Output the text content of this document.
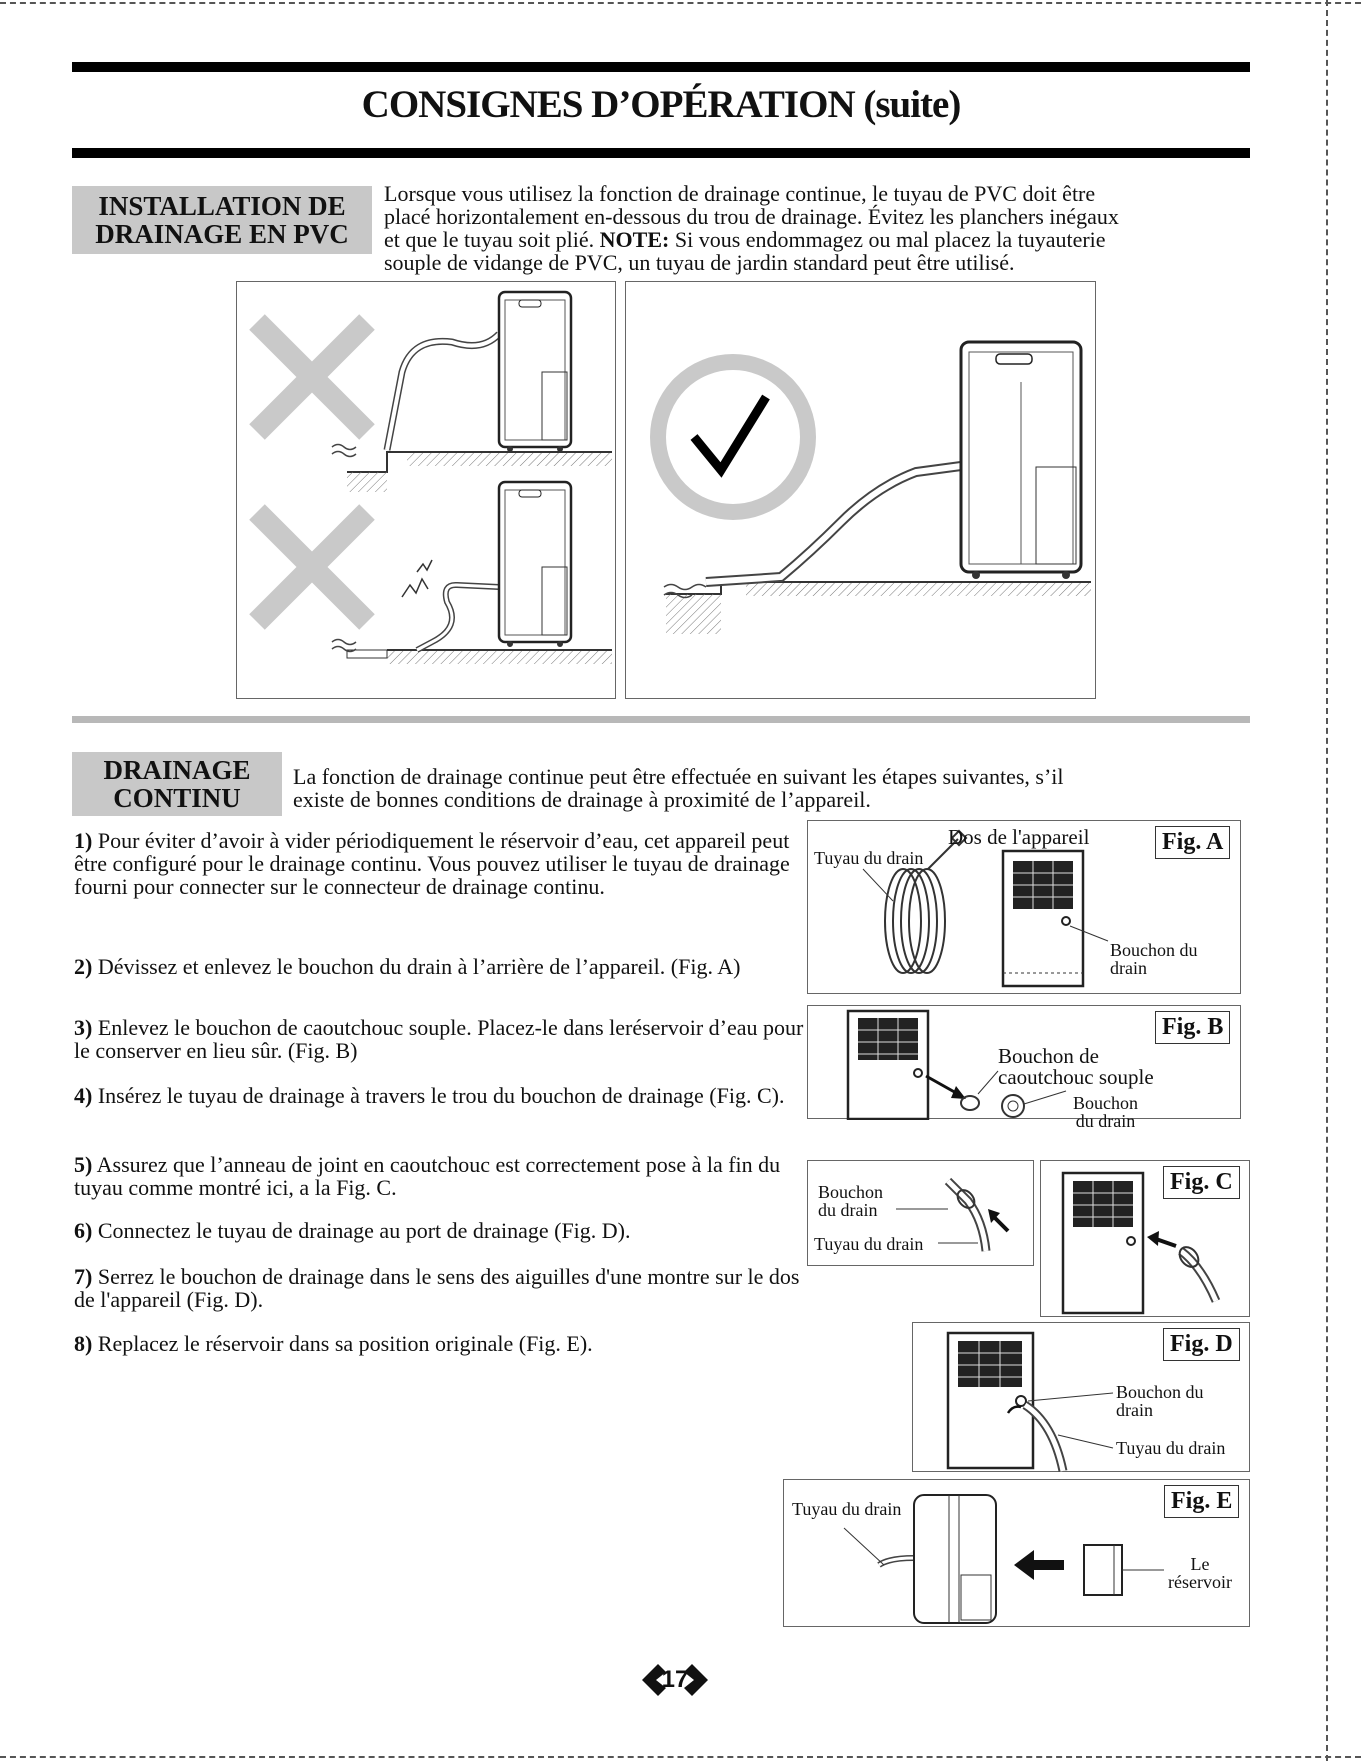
CONSIGNES D’OPÉRATION (suite)
INSTALLATION DE
DRAINAGE EN PVC
Lorsque vous utilisez la fonction de drainage continue, le tuyau de PVC doit être
placé horizontalement en-dessous du trou de drainage. Évitez les planchers inégaux
et que le tuyau soit plié. NOTE: Si vous endommagez ou mal placez la tuyauterie
souple de vidange de PVC, un tuyau de jardin standard peut être utilisé.
DRAINAGE
CONTINU
La fonction de drainage continue peut être effectuée en suivant les étapes suivantes, s’il
existe de bonnes conditions de drainage à proximité de l’appareil.
1) Pour éviter d’avoir à vider périodiquement le réservoir d’eau, cet appareil peut être configuré pour le drainage continu. Vous pouvez utiliser le tuyau de drainage fourni pour connecter sur le connecteur de drainage continu.
2) Dévissez et enlevez le bouchon du drain à l’arrière de l’appareil. (Fig. A)
3) Enlevez le bouchon de caoutchouc souple. Placez-le dans leréservoir d’eau pour le conserver en lieu sûr. (Fig. B)
4) Insérez le tuyau de drainage à travers le trou du bouchon de drainage (Fig. C).
5) Assurez que l’anneau de joint en caoutchouc est correctement pose à la fin du tuyau comme montré ici, a la Fig. C.
6) Connectez le tuyau de drainage au port de drainage (Fig. D).
7) Serrez le bouchon de drainage dans le sens des aiguilles d'une montre sur le dos de l'appareil (Fig. D).
8) Replacez le réservoir dans sa position originale (Fig. E).
Fig. A
Dos de l'appareil
Tuyau du drain
Bouchon du
drain
Fig. B
Bouchon de
caoutchouc souple
Bouchon
du drain
Bouchon
du drain
Tuyau du drain
Fig. C
Fig. D
Bouchon du
drain
Tuyau du drain
Fig. E
Tuyau du drain
Le
réservoir
17
